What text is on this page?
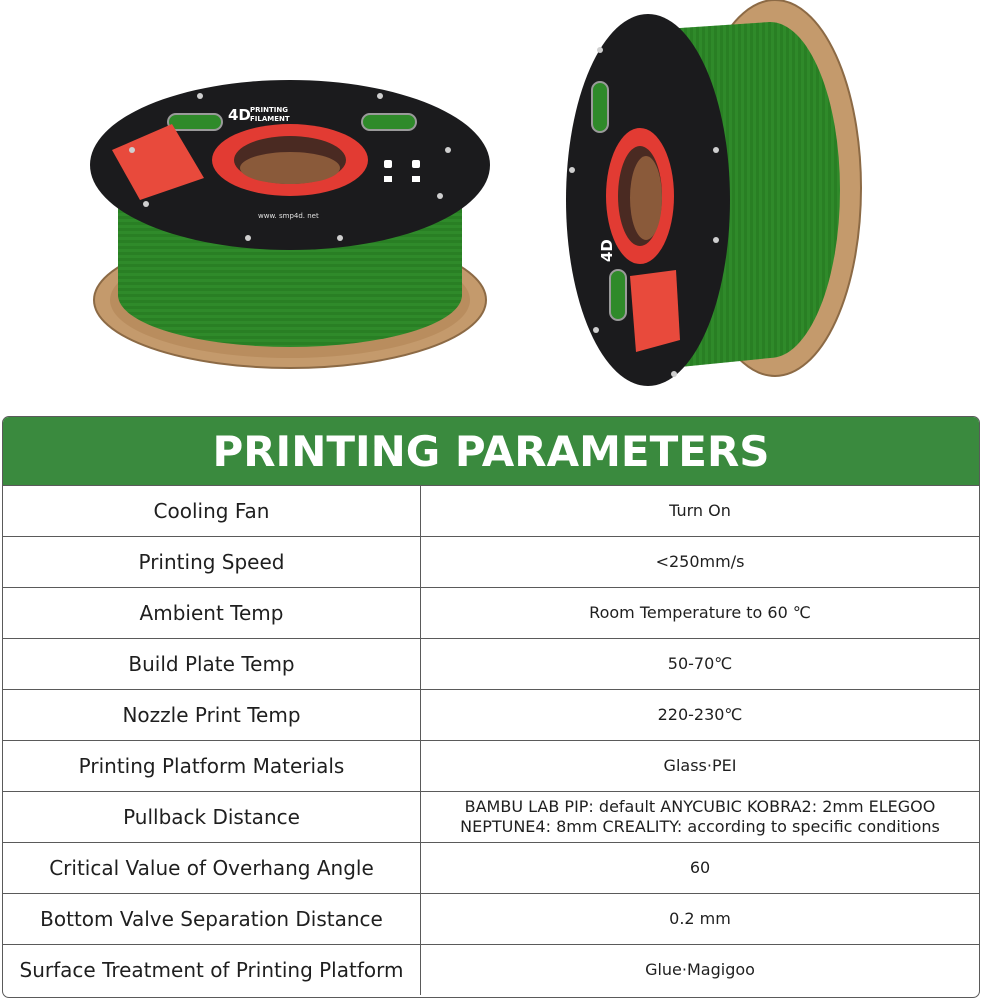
4D PRINTING
FILAMENT
www. smp4d. net
4D
PRINTING PARAMETERS
Cooling Fan	Turn On
Printing Speed	<250mm/s
Ambient Temp	Room Temperature to 60 ℃
Build Plate Temp	50-70℃
Nozzle Print Temp	220-230℃
Printing Platform Materials	Glass·PEI
Pullback Distance	BAMBU LAB PIP: default ANYCUBIC KOBRA2: 2mm ELEGOO NEPTUNE4: 8mm CREALITY: according to specific conditions
Critical Value of Overhang Angle	60
Bottom Valve Separation Distance	0.2 mm
Surface Treatment of Printing Platform	Glue·Magigoo
